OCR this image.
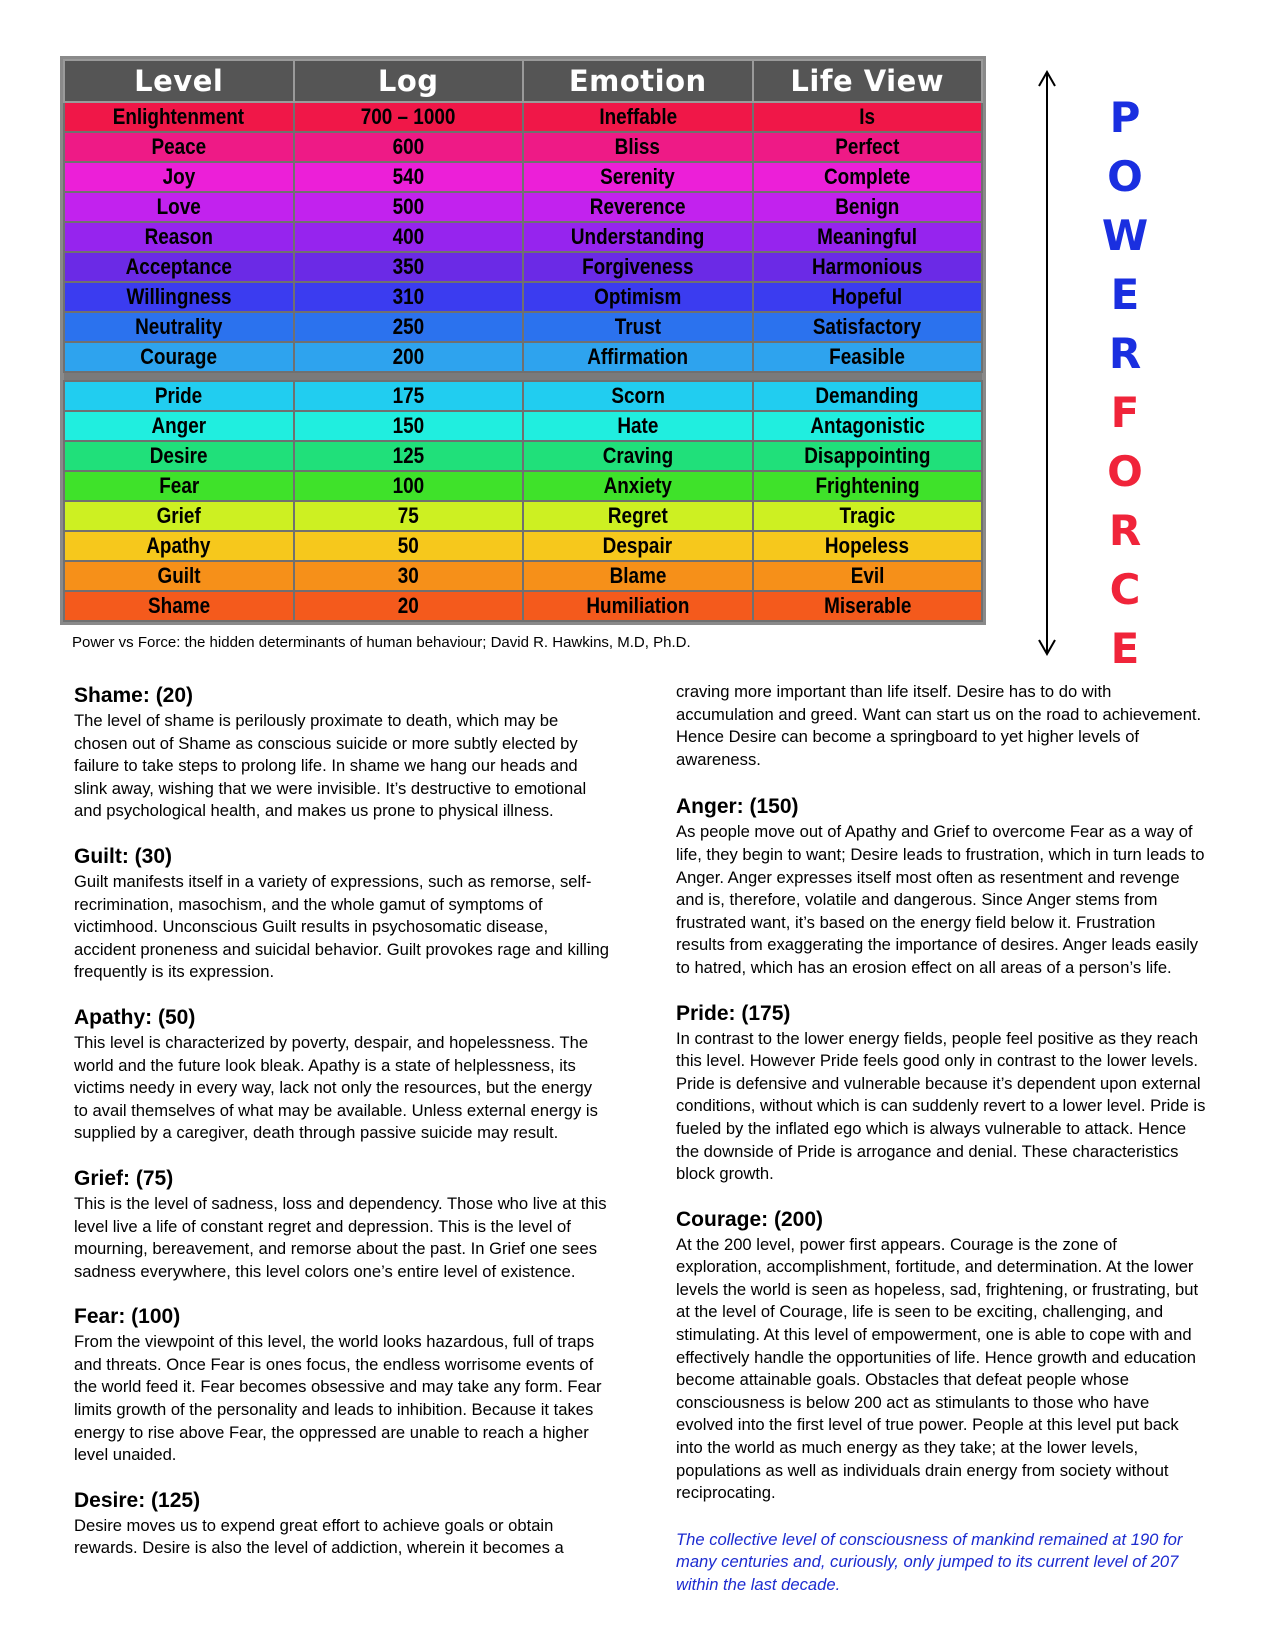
Level	Log	Emotion	Life View
Enlightenment	700 – 1000	Ineffable	Is
Peace	600	Bliss	Perfect
Joy	540	Serenity	Complete
Love	500	Reverence	Benign
Reason	400	Understanding	Meaningful
Acceptance	350	Forgiveness	Harmonious
Willingness	310	Optimism	Hopeful
Neutrality	250	Trust	Satisfactory
Courage	200	Affirmation	Feasible

Pride	175	Scorn	Demanding
Anger	150	Hate	Antagonistic
Desire	125	Craving	Disappointing
Fear	100	Anxiety	Frightening
Grief	75	Regret	Tragic
Apathy	50	Despair	Hopeless
Guilt	30	Blame	Evil
Shame	20	Humiliation	Miserable
P
O
W
E
R
F
O
R
C
E
Power vs Force: the hidden determinants of human behaviour; David R. Hawkins, M.D, Ph.D.
Shame: (20)

The level of shame is perilously proximate to death, which may be chosen out of Shame as conscious suicide or more subtly elected by failure to take steps to prolong life. In shame we hang our heads and slink away, wishing that we were invisible. It’s destructive to emotional and psychological health, and makes us prone to physical illness.

Guilt: (30)

Guilt manifests itself in a variety of expressions, such as remorse, self-recrimination, masochism, and the whole gamut of symptoms of victimhood. Unconscious Guilt results in psychosomatic disease, accident proneness and suicidal behavior. Guilt provokes rage and killing frequently is its expression.

Apathy: (50)

This level is characterized by poverty, despair, and hopelessness. The world and the future look bleak. Apathy is a state of helplessness, its victims needy in every way, lack not only the resources, but the energy to avail themselves of what may be available. Unless external energy is supplied by a caregiver, death through passive suicide may result.

Grief: (75)

This is the level of sadness, loss and dependency. Those who live at this level live a life of constant regret and depression. This is the level of mourning, bereavement, and remorse about the past. In Grief one sees sadness everywhere, this level colors one’s entire level of existence.

Fear: (100)

From the viewpoint of this level, the world looks hazardous, full of traps and threats. Once Fear is ones focus, the endless worrisome events of the world feed it. Fear becomes obsessive and may take any form. Fear limits growth of the personality and leads to inhibition. Because it takes energy to rise above Fear, the oppressed are unable to reach a higher level unaided.

Desire: (125)

Desire moves us to expend great effort to achieve goals or obtain rewards. Desire is also the level of addiction, wherein it becomes a

craving more important than life itself. Desire has to do with accumulation and greed. Want can start us on the road to achievement. Hence Desire can become a springboard to yet higher levels of awareness.

Anger: (150)

As people move out of Apathy and Grief to overcome Fear as a way of life, they begin to want; Desire leads to frustration, which in turn leads to Anger. Anger expresses itself most often as resentment and revenge and is, therefore, volatile and dangerous. Since Anger stems from frustrated want, it’s based on the energy field below it. Frustration results from exaggerating the importance of desires. Anger leads easily to hatred, which has an erosion effect on all areas of a person’s life.

Pride: (175)

In contrast to the lower energy fields, people feel positive as they reach this level. However Pride feels good only in contrast to the lower levels. Pride is defensive and vulnerable because it’s dependent upon external conditions, without which is can suddenly revert to a lower level. Pride is fueled by the inflated ego which is always vulnerable to attack. Hence the downside of Pride is arrogance and denial. These characteristics block growth.

Courage: (200)

At the 200 level, power first appears. Courage is the zone of exploration, accomplishment, fortitude, and determination. At the lower levels the world is seen as hopeless, sad, frightening, or frustrating, but at the level of Courage, life is seen to be exciting, challenging, and stimulating. At this level of empowerment, one is able to cope with and effectively handle the opportunities of life. Hence growth and education become attainable goals. Obstacles that defeat people whose consciousness is below 200 act as stimulants to those who have evolved into the first level of true power. People at this level put back into the world as much energy as they take; at the lower levels, populations as well as individuals drain energy from society without reciprocating.

The collective level of consciousness of mankind remained at 190 for many centuries and, curiously, only jumped to its current level of 207 within the last decade.
